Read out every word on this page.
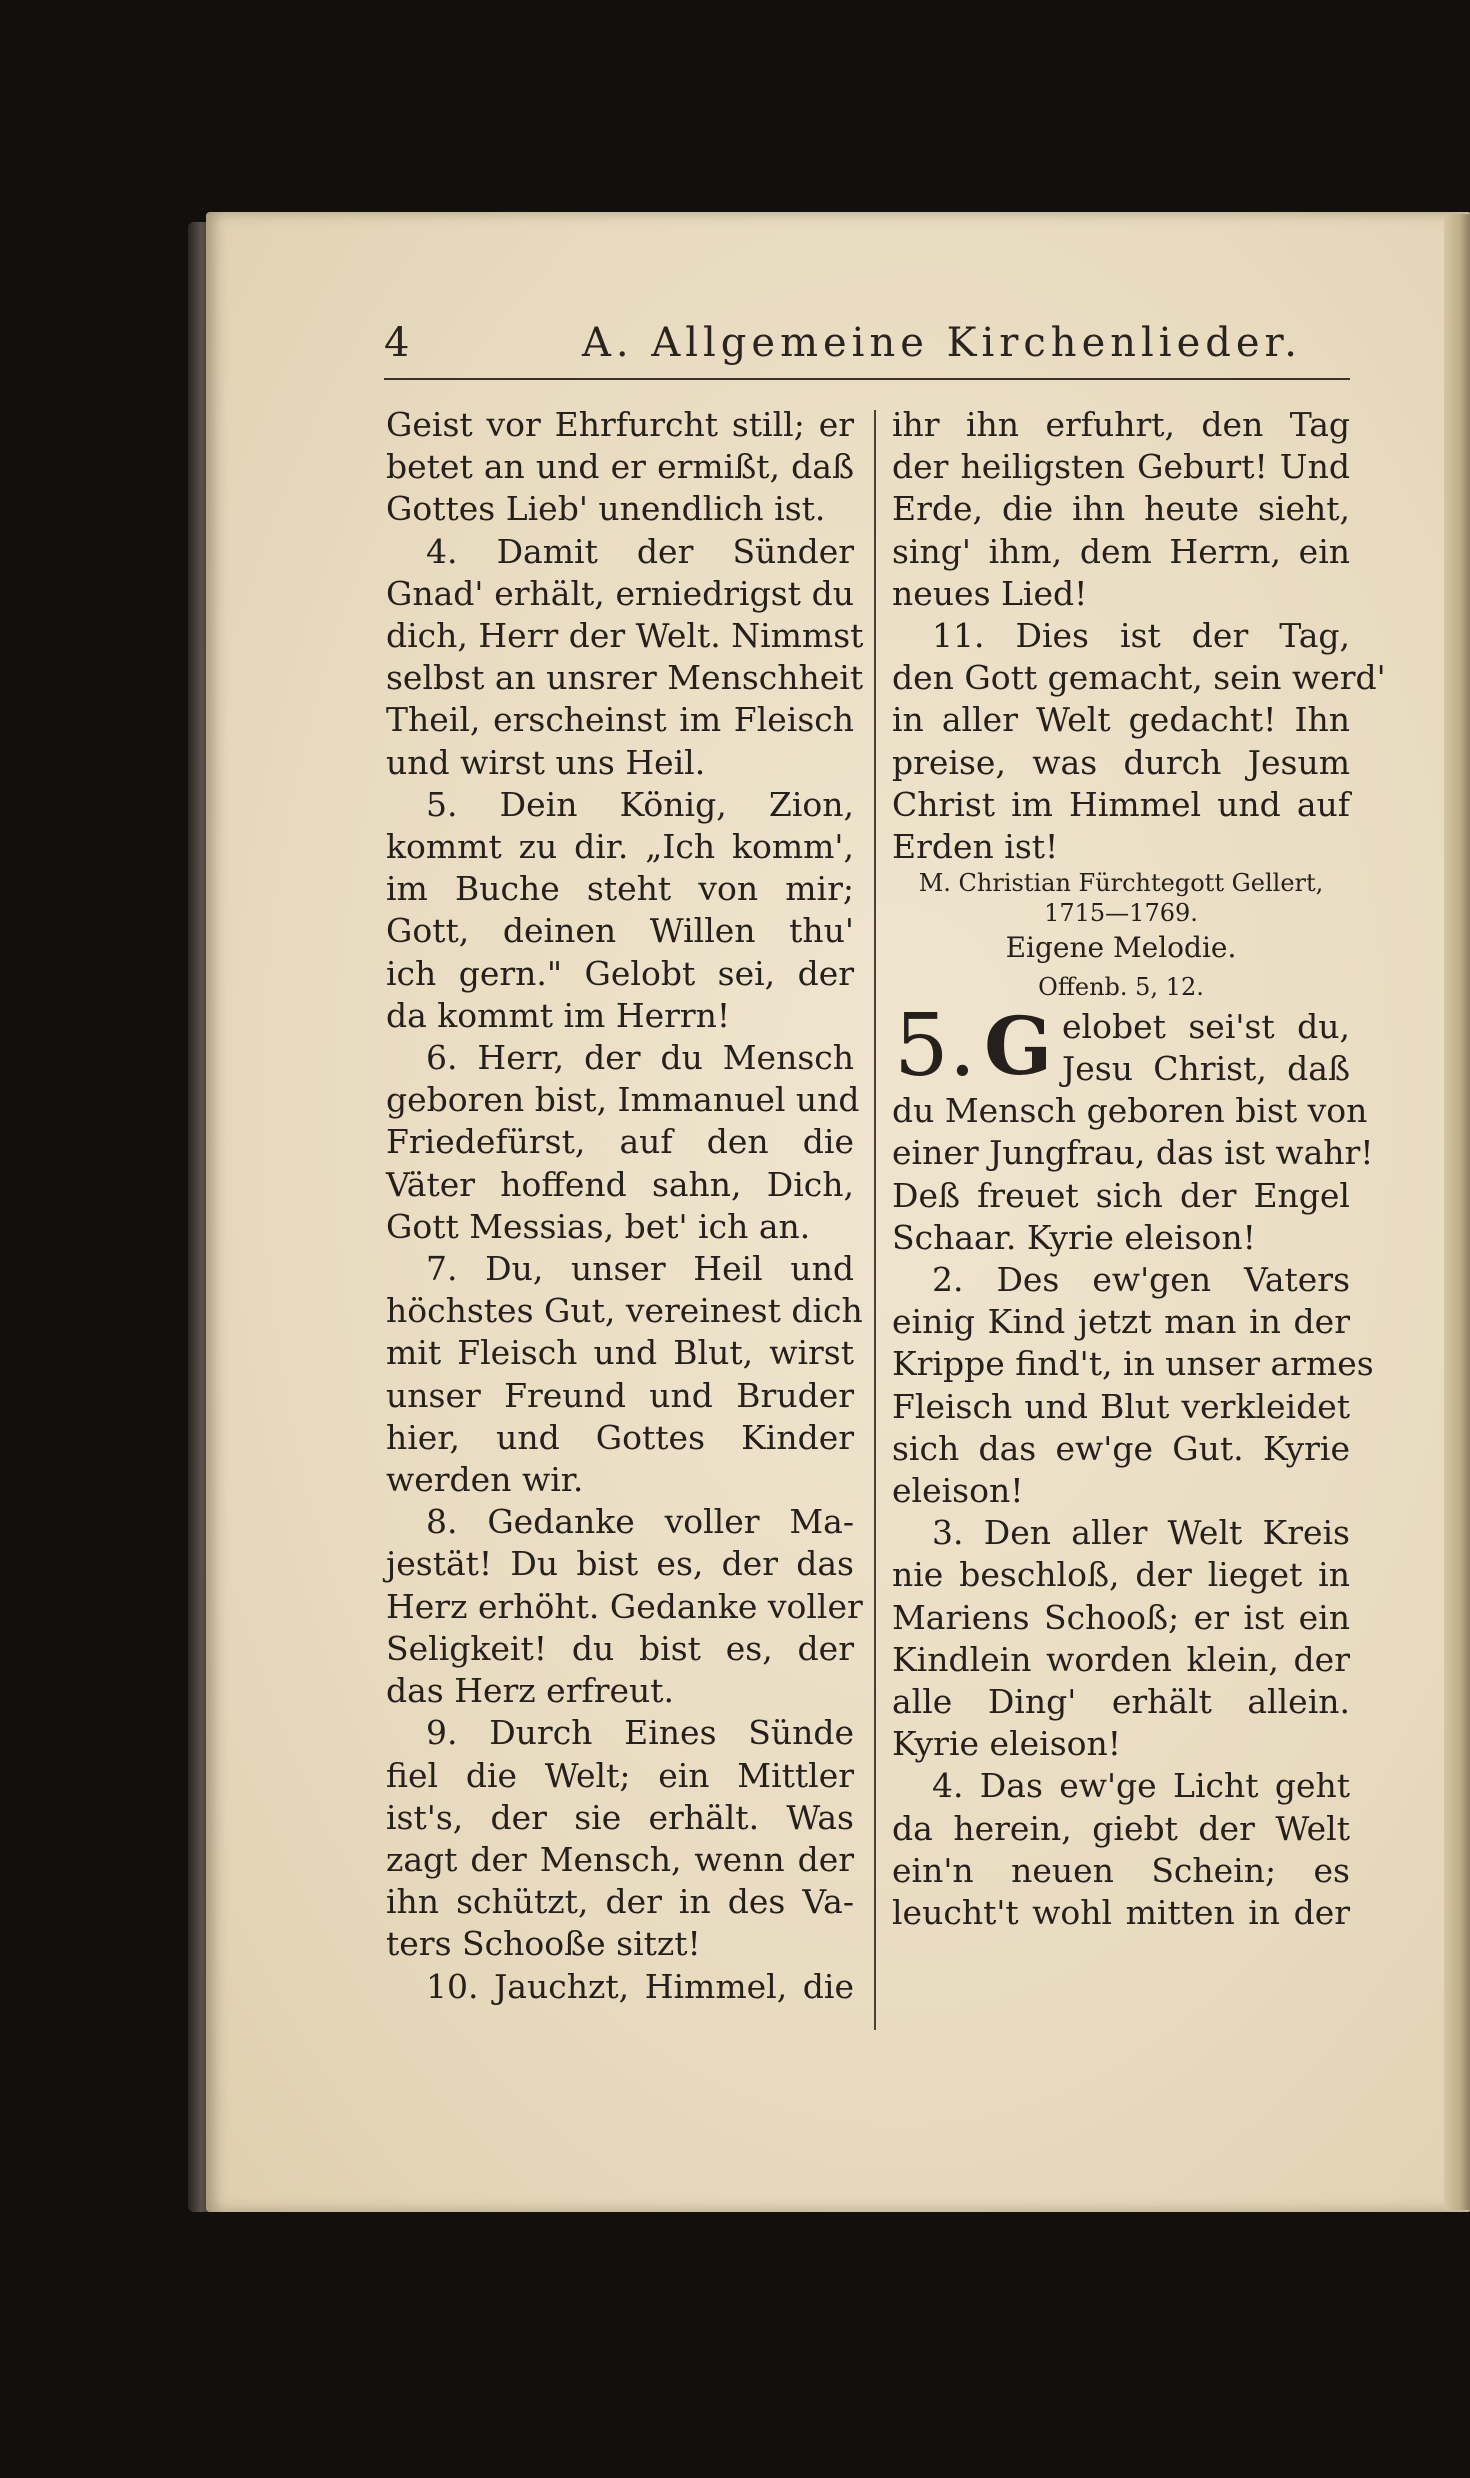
4	A. Allgemeine Kirchenlieder.

Geist vor Ehrfurcht still; er

betet an und er ermißt, daß

Gottes Lieb' unendlich ist.

4. Damit der Sünder

Gnad' erhält, erniedrigst du

dich, Herr der Welt. Nimmst

selbst an unsrer Menschheit

Theil, erscheinst im Fleisch

und wirst uns Heil.

5. Dein König, Zion,

kommt zu dir. „Ich komm',

im Buche steht von mir;

Gott, deinen Willen thu'

ich gern." Gelobt sei, der

da kommt im Herrn!

6. Herr, der du Mensch

geboren bist, Immanuel und

Friedefürst, auf den die

Väter hoffend sahn, Dich,

Gott Messias, bet' ich an.

7. Du, unser Heil und

höchstes Gut, vereinest dich

mit Fleisch und Blut, wirst

unser Freund und Bruder

hier, und Gottes Kinder

werden wir.

8. Gedanke voller Ma-

jestät! Du bist es, der das

Herz erhöht. Gedanke voller

Seligkeit! du bist es, der

das Herz erfreut.

9. Durch Eines Sünde

fiel die Welt; ein Mittler

ist's, der sie erhält. Was

zagt der Mensch, wenn der

ihn schützt, der in des Va-

ters Schooße sitzt!

10. Jauchzt, Himmel, die

ihr ihn erfuhrt, den Tag

der heiligsten Geburt! Und

Erde, die ihn heute sieht,

sing' ihm, dem Herrn, ein

neues Lied!

11. Dies ist der Tag,

den Gott gemacht, sein werd'

in aller Welt gedacht! Ihn

preise, was durch Jesum

Christ im Himmel und auf

Erden ist!

M. Christian Fürchtegott Gellert,

1715—1769.

Eigene Melodie.

Offenb. 5, 12.

5. G elobet sei'st du,

Jesu Christ, daß

du Mensch geboren bist von

einer Jungfrau, das ist wahr!

Deß freuet sich der Engel

Schaar. Kyrie eleison!

2. Des ew'gen Vaters

einig Kind jetzt man in der

Krippe find't, in unser armes

Fleisch und Blut verkleidet

sich das ew'ge Gut. Kyrie

eleison!

3. Den aller Welt Kreis

nie beschloß, der lieget in

Mariens Schooß; er ist ein

Kindlein worden klein, der

alle Ding' erhält allein.

Kyrie eleison!

4. Das ew'ge Licht geht

da herein, giebt der Welt

ein'n neuen Schein; es

leucht't wohl mitten in der
